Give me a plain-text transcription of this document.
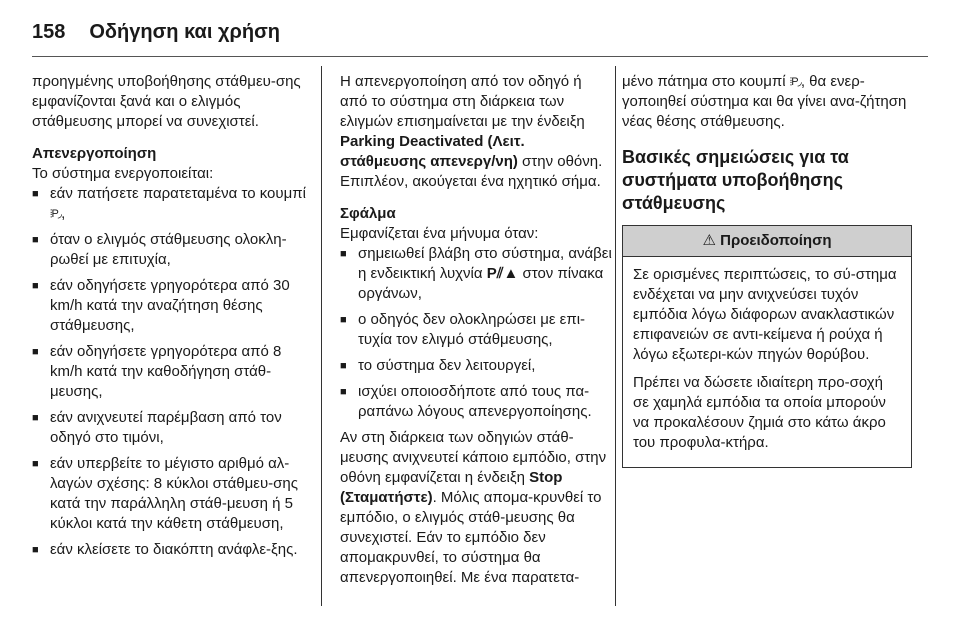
158 Οδήγηση και χρήση

προηγμένης υποβοήθησης στάθμευ-σης εμφανίζονται ξανά και ο ελιγμός στάθμευσης μπορεί να συνεχιστεί.

Απενεργοποίηση
Το σύστημα ενεργοποιείται:
■ εάν πατήσετε παρατεταμένα το κουμπί ⦙P◞,
■ όταν ο ελιγμός στάθμευσης ολοκλη-ρωθεί με επιτυχία,
■ εάν οδηγήσετε γρηγορότερα από 30 km/h κατά την αναζήτηση θέσης στάθμευσης,
■ εάν οδηγήσετε γρηγορότερα από 8 km/h κατά την καθοδήγηση στάθ-μευσης,
■ εάν ανιχνευτεί παρέμβαση από τον οδηγό στο τιμόνι,
■ εάν υπερβείτε το μέγιστο αριθμό αλ-λαγών σχέσης: 8 κύκλοι στάθμευ-σης κατά την παράλληλη στάθ-μευση ή 5 κύκλοι κατά την κάθετη στάθμευση,
■ εάν κλείσετε το διακόπτη ανάφλε-ξης.

Η απενεργοποίηση από τον οδηγό ή από το σύστημα στη διάρκεια των ελιγμών επισημαίνεται με την ένδειξη Parking Deactivated (Λειτ. στάθμευσης απενεργ/νη) στην οθόνη. Επιπλέον, ακούγεται ένα ηχητικό σήμα.

Σφάλμα
Εμφανίζεται ένα μήνυμα όταν:
■ σημειωθεί βλάβη στο σύστημα, ανάβει η ενδεικτική λυχνία P⫽▲ στον πίνακα οργάνων,
■ ο οδηγός δεν ολοκληρώσει με επι-τυχία τον ελιγμό στάθμευσης,
■ το σύστημα δεν λειτουργεί,
■ ισχύει οποιοσδήποτε από τους πα-ραπάνω λόγους απενεργοποίησης.

Αν στη διάρκεια των οδηγιών στάθ-μευσης ανιχνευτεί κάποιο εμπόδιο, στην οθόνη εμφανίζεται η ένδειξη Stop (Σταματήστε). Μόλις απομα-κρυνθεί το εμπόδιο, ο ελιγμός στάθ-μευσης θα συνεχιστεί. Εάν το εμπόδιο δεν απομακρυνθεί, το σύστημα θα απενεργοποιηθεί. Με ένα παρατετα-

μένο πάτημα στο κουμπί ⦙P◞, θα ενερ-γοποιηθεί σύστημα και θα γίνει ανα-ζήτηση νέας θέσης στάθμευσης.

Βασικές σημειώσεις για τα συστήματα υποβοήθησης στάθμευσης
⚠ Προειδοποίηση

Σε ορισμένες περιπτώσεις, το σύ-στημα ενδέχεται να μην ανιχνεύσει τυχόν εμπόδια λόγω διάφορων ανακλαστικών επιφανειών σε αντι-κείμενα ή ρούχα ή λόγω εξωτερι-κών πηγών θορύβου.

Πρέπει να δώσετε ιδιαίτερη προ-σοχή σε χαμηλά εμπόδια τα οποία μπορούν να προκαλέσουν ζημιά στο κάτω άκρο του προφυλα-κτήρα.
